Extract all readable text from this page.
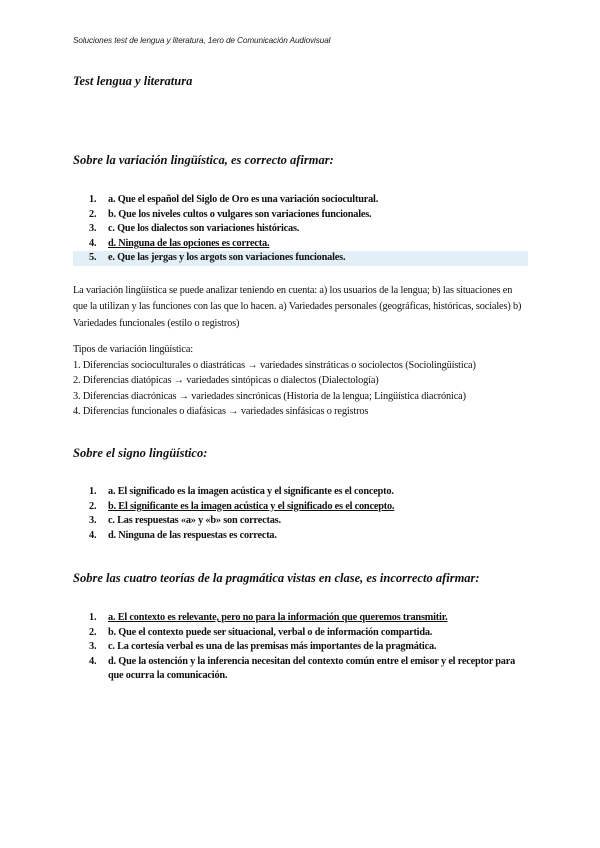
Soluciones test de lengua y literatura, 1ero de Comunicación Audiovisual
Test lengua y literatura
Sobre la variación lingüística, es correcto afirmar:
1. a. Que el español del Siglo de Oro es una variación sociocultural.
2. b. Que los niveles cultos o vulgares son variaciones funcionales.
3. c. Que los dialectos son variaciones históricas.
4. d. Ninguna de las opciones es correcta.
5. e. Que las jergas y los argots son variaciones funcionales.

La variación lingüística se puede analizar teniendo en cuenta: a) los usuarios de la lengua; b) las situaciones en que la utilizan y las funciones con las que lo hacen. a) Variedades personales (geográficas, históricas, sociales) b) Variedades funcionales (estilo o registros)

Tipos de variación lingüística:
1. Diferencias socioculturales o diastráticas → variedades sinstráticas o sociolectos (Sociolingüística)
2. Diferencias diatópicas → variedades sintópicas o dialectos (Dialectología)
3. Diferencias diacrónicas → variedades sincrónicas (Historia de la lengua; Lingüística diacrónica)
4. Diferencias funcionales o diafásicas → variedades sinfásicas o registros
Sobre el signo lingüístico:
1. a. El significado es la imagen acústica y el significante es el concepto.
2. b. El significante es la imagen acústica y el significado es el concepto.
3. c. Las respuestas «a» y «b» son correctas.
4. d. Ninguna de las respuestas es correcta.
Sobre las cuatro teorías de la pragmática vistas en clase, es incorrecto afirmar:
1. a. El contexto es relevante, pero no para la información que queremos transmitir.
2. b. Que el contexto puede ser situacional, verbal o de información compartida.
3. c. La cortesía verbal es una de las premisas más importantes de la pragmática.
4. d. Que la ostención y la inferencia necesitan del contexto común entre el emisor y el receptor para que ocurra la comunicación.
